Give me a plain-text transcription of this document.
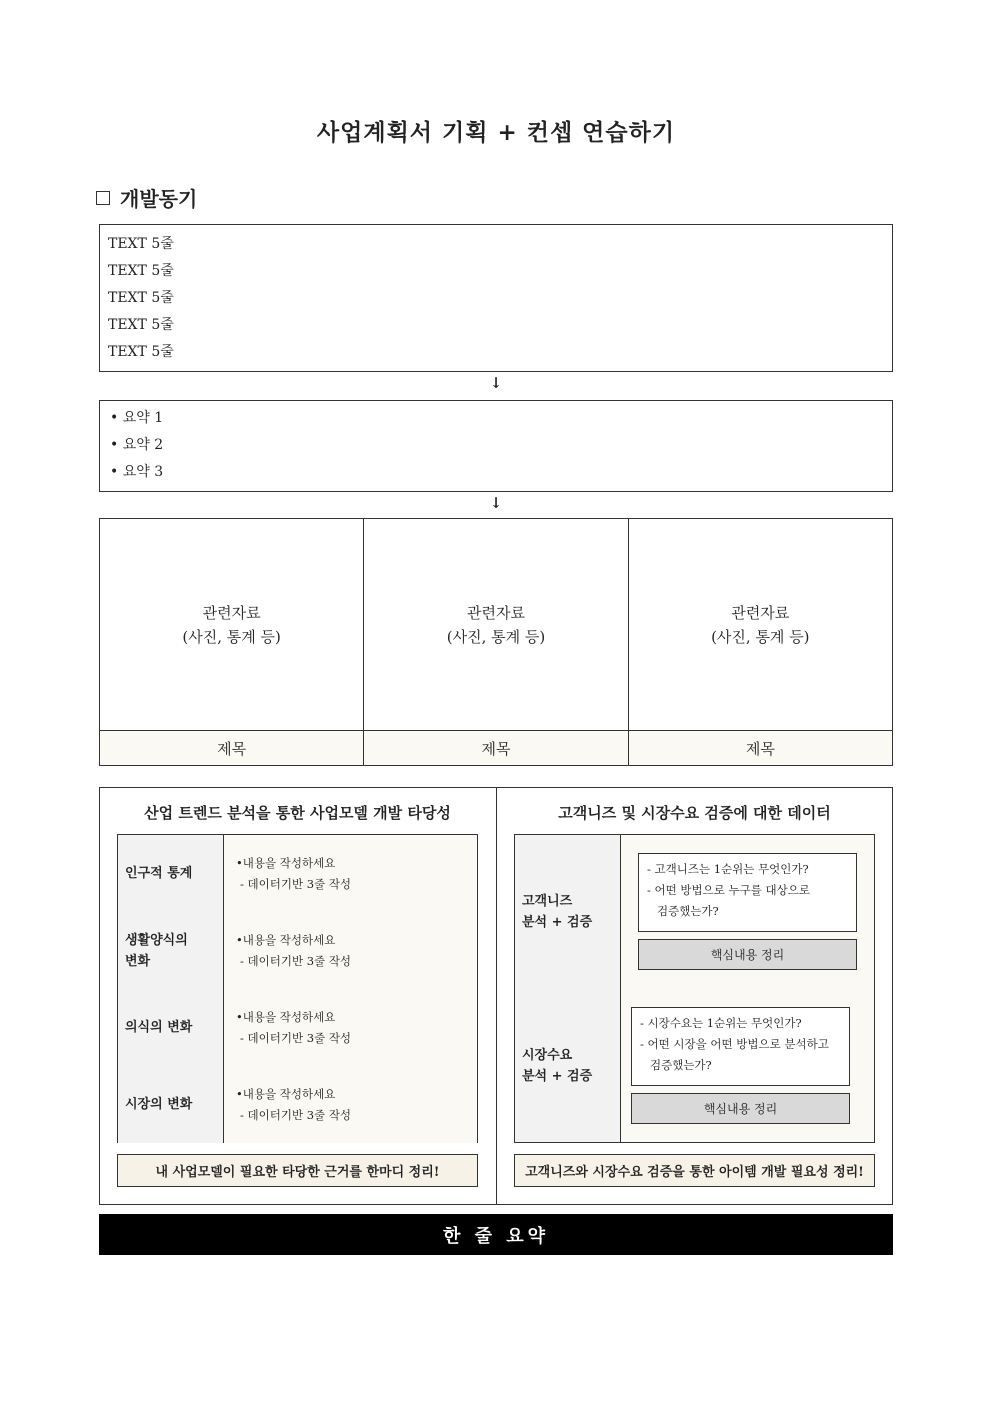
사업계획서 기획 + 컨셉 연습하기
개발동기
TEXT 5줄
TEXT 5줄
TEXT 5줄
TEXT 5줄
TEXT 5줄
↓
• 요약 1
• 요약 2
• 요약 3
↓
관련자료
(사진, 통계 등)
제목
관련자료
(사진, 통계 등)
제목
관련자료
(사진, 통계 등)
제목
산업 트렌드 분석을 통한 사업모델 개발 타당성
인구적 통계
•내용을 작성하세요
- 데이터기반 3줄 작성
생활양식의
변화
•내용을 작성하세요
- 데이터기반 3줄 작성
의식의 변화
•내용을 작성하세요
- 데이터기반 3줄 작성
시장의 변화
•내용을 작성하세요
- 데이터기반 3줄 작성
내 사업모델이 필요한 타당한 근거를 한마디 정리!
고객니즈 및 시장수요 검증에 대한 데이터
고객니즈
분석 + 검증
- 고객니즈는 1순위는 무엇인가?
- 어떤 방법으로 누구를 대상으로
검증했는가?
핵심내용 정리
시장수요
분석 + 검증
- 시장수요는 1순위는 무엇인가?
- 어떤 시장을 어떤 방법으로 분석하고
검증했는가?
핵심내용 정리
고객니즈와 시장수요 검증을 통한 아이템 개발 필요성 정리!
한 줄 요약
